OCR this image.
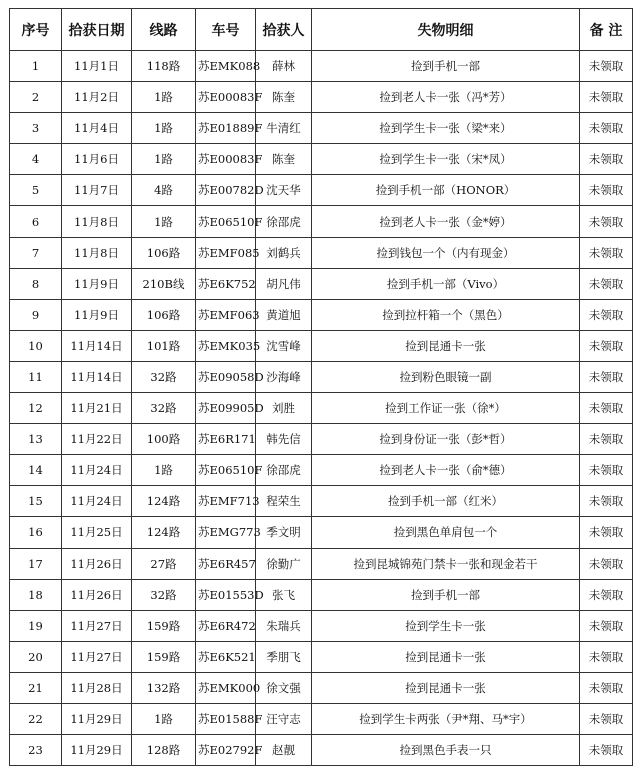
序号	拾获日期	线路	车号	拾获人	失物明细	备 注
1	11月1日	118路	苏EMK088	薛林	捡到手机一部	未领取
2	11月2日	1路	苏E00083F	陈奎	捡到老人卡一张（冯*芳）	未领取
3	11月4日	1路	苏E01889F	牛清红	捡到学生卡一张（梁*来）	未领取
4	11月6日	1路	苏E00083F	陈奎	捡到学生卡一张（宋*凤）	未领取
5	11月7日	4路	苏E00782D	沈天华	捡到手机一部（HONOR）	未领取
6	11月8日	1路	苏E06510F	徐邵虎	捡到老人卡一张（金*婷）	未领取
7	11月8日	106路	苏EMF085	刘鹤兵	捡到钱包一个（内有现金）	未领取
8	11月9日	210B线	苏E6K752	胡凡伟	捡到手机一部（Vivo）	未领取
9	11月9日	106路	苏EMF063	黄道旭	捡到拉杆箱一个（黑色）	未领取
10	11月14日	101路	苏EMK035	沈雪峰	捡到昆通卡一张	未领取
11	11月14日	32路	苏E09058D	沙海峰	捡到粉色眼镜一副	未领取
12	11月21日	32路	苏E09905D	刘胜	捡到工作证一张（徐*）	未领取
13	11月22日	100路	苏E6R171	韩先信	捡到身份证一张（彭*哲）	未领取
14	11月24日	1路	苏E06510F	徐邵虎	捡到老人卡一张（俞*德）	未领取
15	11月24日	124路	苏EMF713	程荣生	捡到手机一部（红米）	未领取
16	11月25日	124路	苏EMG773	季文明	捡到黑色单肩包一个	未领取
17	11月26日	27路	苏E6R457	徐勤广	捡到昆城锦苑门禁卡一张和现金若干	未领取
18	11月26日	32路	苏E01553D	张飞	捡到手机一部	未领取
19	11月27日	159路	苏E6R472	朱瑞兵	捡到学生卡一张	未领取
20	11月27日	159路	苏E6K521	季朋飞	捡到昆通卡一张	未领取
21	11月28日	132路	苏EMK000	徐文强	捡到昆通卡一张	未领取
22	11月29日	1路	苏E01588F	汪守志	捡到学生卡两张（尹*翔、马*宇）	未领取
23	11月29日	128路	苏E02792F	赵靓	捡到黑色手表一只	未领取
